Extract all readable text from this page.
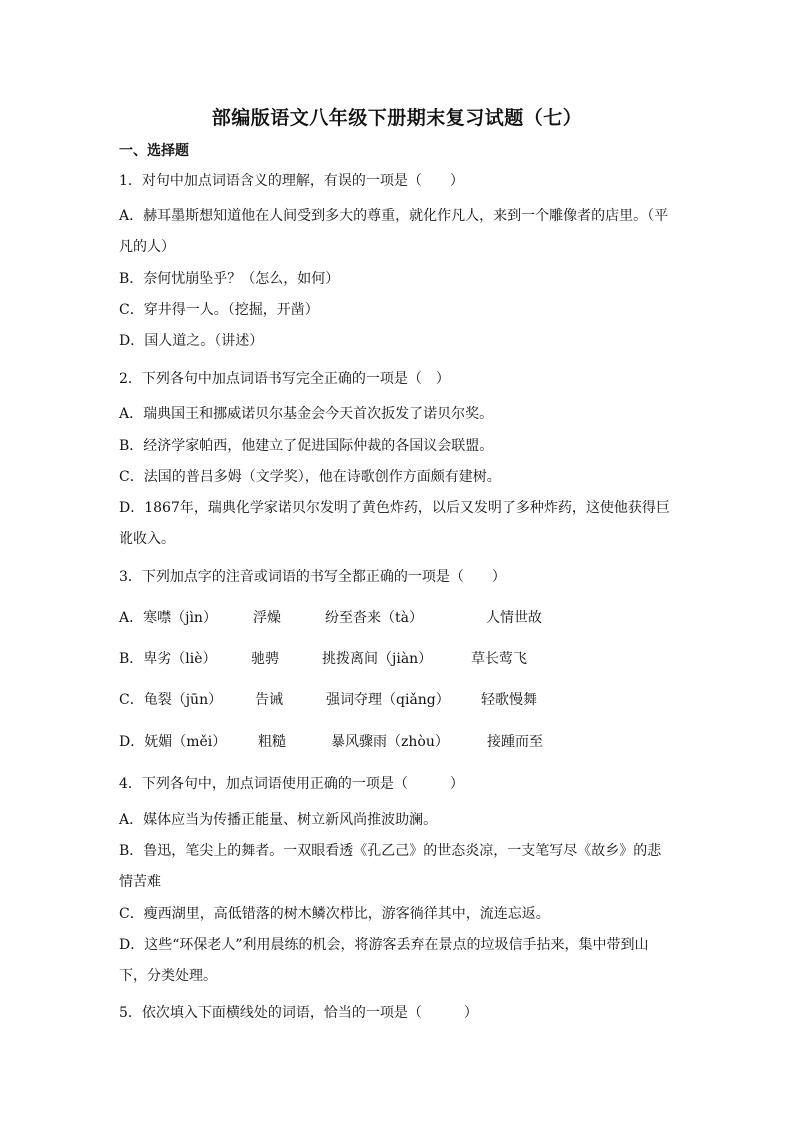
部编版语文八年级下册期末复习试题（七）
一、选择题
1．对句中加点词语含义的理解，有误的一项是（　　）
A．赫耳墨斯想知道他在人间受到多大的尊重，就化作凡人，来到一个雕像者的店里。（平
凡的人）
B．奈何忧崩坠乎？（怎么，如何）
C．穿井得一人。（挖掘，开凿）
D．国人道之。（讲述）
2．下列各句中加点词语书写完全正确的一项是（　）
A．瑞典国王和挪威诺贝尔基金会今天首次扳发了诺贝尔奖。
B．经济学家帕西，他建立了促进国际仲裁的各国议会联盟。
C．法国的普吕多姆（文学奖），他在诗歌创作方面颇有建树。
D．1867年，瑞典化学家诺贝尔发明了黄色炸药，以后又发明了多种炸药，这使他获得巨
讹收入。
3．下列加点字的注音或词语的书写全都正确的一项是（　　）
A．寒噤（jìn）	浮燥	纷至沓来（tà）	人情世故
B．卑劣（liè） 驰骋	挑拨离间（jiàn）	草长莺飞
C．龟裂（jūn） 告诫	强词夺理（qiǎng） 轻歌慢舞
D．妩媚（měi） 粗糙	暴风骤雨（zhòu）	接踵而至
4．下列各句中，加点词语使用正确的一项是（　　　）
A．媒体应当为传播正能量、树立新风尚推波助澜。
B．鲁迅，笔尖上的舞者。一双眼看透《孔乙己》的世态炎凉，一支笔写尽《故乡》的悲
情苦难
C．瘦西湖里，高低错落的树木鳞次栉比，游客徜徉其中，流连忘返。
D．这些“环保老人”利用晨练的机会，将游客丢弃在景点的垃圾信手拈来，集中带到山
下，分类处理。
5．依次填入下面横线处的词语，恰当的一项是（　　　）
